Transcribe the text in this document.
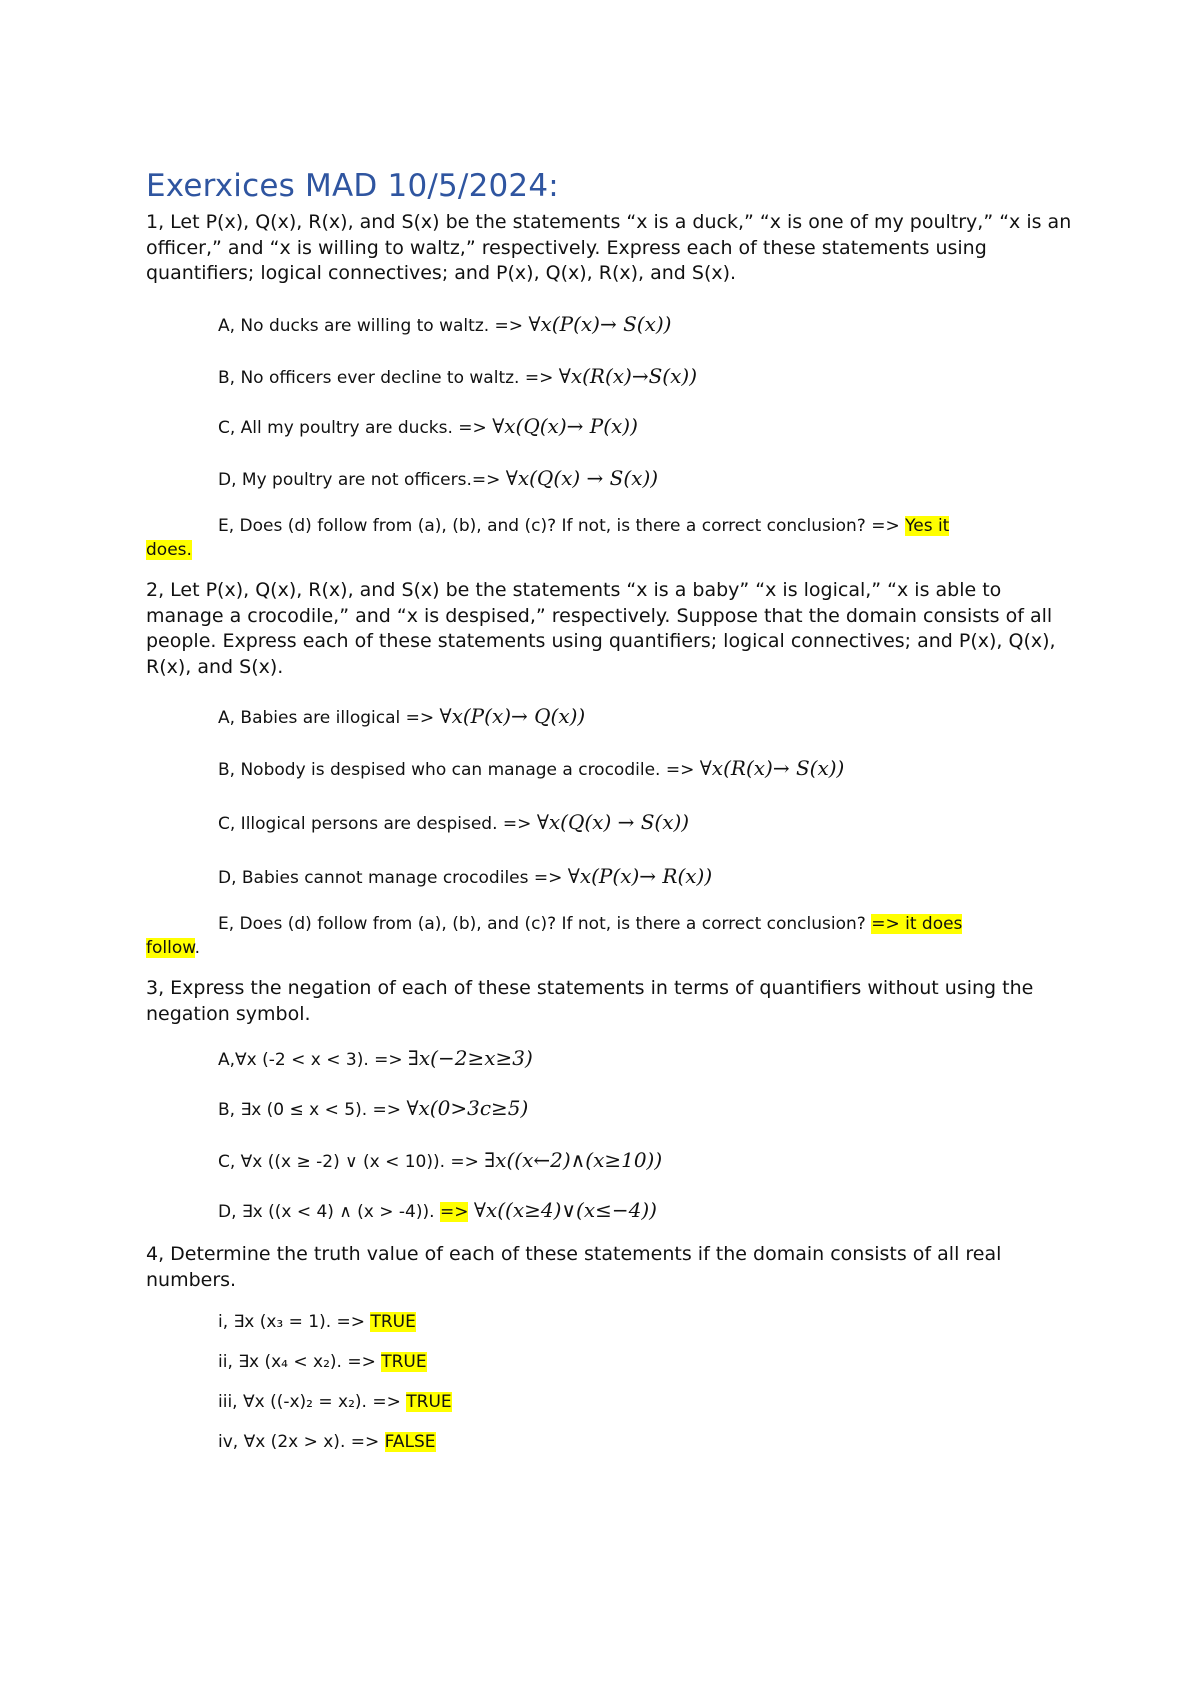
Exerxices MAD 10/5/2024:
1, Let P(x), Q(x), R(x), and S(x) be the statements “x is a duck,” “x is one of my poultry,” “x is an officer,” and “x is willing to waltz,” respectively. Express each of these statements using quantifiers; logical connectives; and P(x), Q(x), R(x), and S(x).
A, No ducks are willing to waltz. => ∀x(P(x)→ S(x))
B, No officers ever decline to waltz. => ∀x(R(x)→S(x))
C, All my poultry are ducks. => ∀x(Q(x)→ P(x))
D, My poultry are not officers.=> ∀x(Q(x) → S(x))
E, Does (d) follow from (a), (b), and (c)? If not, is there a correct conclusion? => Yes it
does.
2, Let P(x), Q(x), R(x), and S(x) be the statements “x is a baby” “x is logical,” “x is able to manage a crocodile,” and “x is despised,” respectively. Suppose that the domain consists of all people. Express each of these statements using quantifiers; logical connectives; and P(x), Q(x), R(x), and S(x).
A, Babies are illogical => ∀x(P(x)→ Q(x))
B, Nobody is despised who can manage a crocodile. => ∀x(R(x)→ S(x))
C, Illogical persons are despised. => ∀x(Q(x) → S(x))
D, Babies cannot manage crocodiles => ∀x(P(x)→ R(x))
E, Does (d) follow from (a), (b), and (c)? If not, is there a correct conclusion? => it does
follow.
3, Express the negation of each of these statements in terms of quantifiers without using the negation symbol.
A,∀x (-2 < x < 3). => ∃x(−2≥x≥3)
B, ∃x (0 ≤ x < 5). => ∀x(0>3c≥5)
C, ∀x ((x ≥ -2) ∨ (x < 10)). => ∃x((x←2)∧(x≥10))
D, ∃x ((x < 4) ∧ (x > -4)). => ∀x((x≥4)∨(x≤−4))
4, Determine the truth value of each of these statements if the domain consists of all real numbers.
i, ∃x (x₃ = 1). => TRUE
ii, ∃x (x₄ < x₂). => TRUE
iii, ∀x ((-x)₂ = x₂). => TRUE
iv, ∀x (2x > x). => FALSE
